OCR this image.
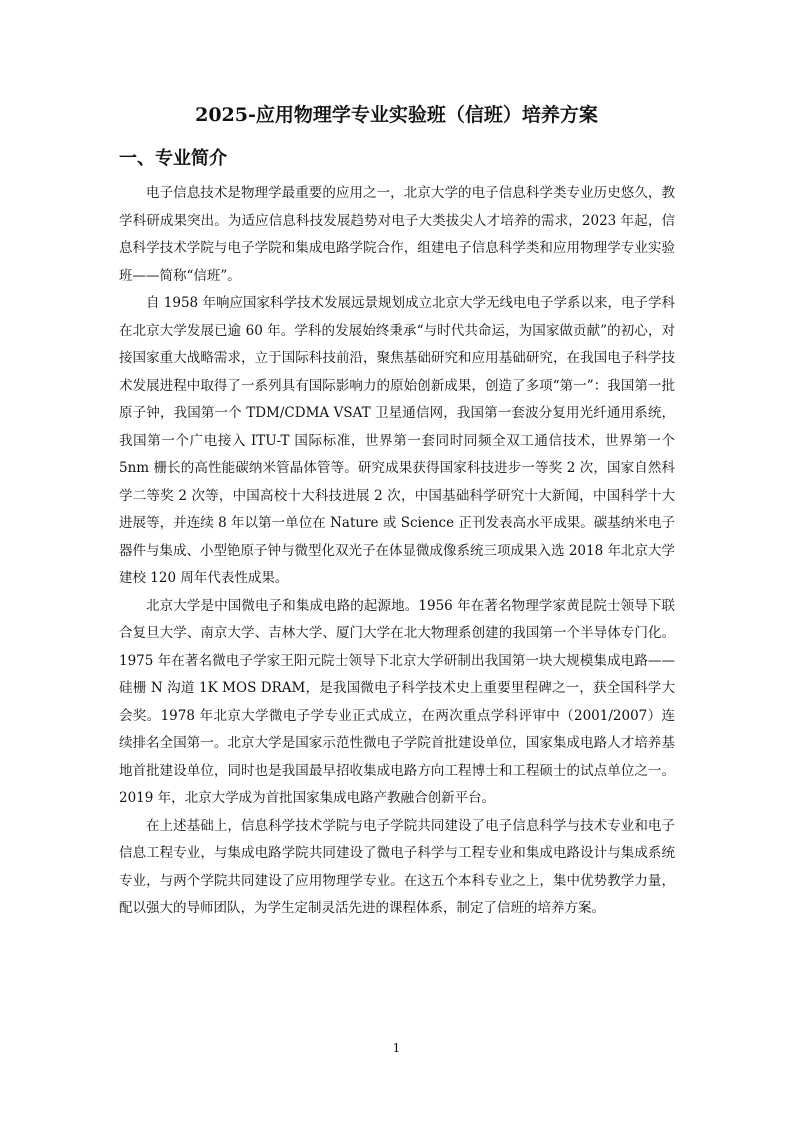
2025-应用物理学专业实验班（信班）培养方案
一、专业简介

电子信息技术是物理学最重要的应用之一，北京大学的电子信息科学类专业历史悠久，教学科研成果突出。为适应信息科技发展趋势对电子大类拔尖人才培养的需求，2023 年起，信息科学技术学院与电子学院和集成电路学院合作，组建电子信息科学类和应用物理学专业实验班——简称“信班”。

自 1958 年响应国家科学技术发展远景规划成立北京大学无线电电子学系以来，电子学科在北京大学发展已逾 60 年。学科的发展始终秉承“与时代共命运，为国家做贡献”的初心，对接国家重大战略需求，立于国际科技前沿，聚焦基础研究和应用基础研究，在我国电子科学技术发展进程中取得了一系列具有国际影响力的原始创新成果，创造了多项“第一”：我国第一批原子钟，我国第一个 TDM/CDMA VSAT 卫星通信网，我国第一套波分复用光纤通用系统，我国第一个广电接入 ITU-T 国际标准，世界第一套同时同频全双工通信技术，世界第一个 5nm 栅长的高性能碳纳米管晶体管等。研究成果获得国家科技进步一等奖 2 次，国家自然科学二等奖 2 次等，中国高校十大科技进展 2 次，中国基础科学研究十大新闻，中国科学十大进展等，并连续 8 年以第一单位在 Nature 或 Science 正刊发表高水平成果。碳基纳米电子器件与集成、小型铯原子钟与微型化双光子在体显微成像系统三项成果入选 2018 年北京大学建校 120 周年代表性成果。

北京大学是中国微电子和集成电路的起源地。1956 年在著名物理学家黄昆院士领导下联合复旦大学、南京大学、吉林大学、厦门大学在北大物理系创建的我国第一个半导体专门化。1975 年在著名微电子学家王阳元院士领导下北京大学研制出我国第一块大规模集成电路——硅栅 N 沟道 1K MOS DRAM，是我国微电子科学技术史上重要里程碑之一，获全国科学大会奖。1978 年北京大学微电子学专业正式成立，在两次重点学科评审中（2001/2007）连续排名全国第一。北京大学是国家示范性微电子学院首批建设单位，国家集成电路人才培养基地首批建设单位，同时也是我国最早招收集成电路方向工程博士和工程硕士的试点单位之一。2019 年，北京大学成为首批国家集成电路产教融合创新平台。

在上述基础上，信息科学技术学院与电子学院共同建设了电子信息科学与技术专业和电子信息工程专业，与集成电路学院共同建设了微电子科学与工程专业和集成电路设计与集成系统专业，与两个学院共同建设了应用物理学专业。在这五个本科专业之上，集中优势教学力量，配以强大的导师团队，为学生定制灵活先进的课程体系，制定了信班的培养方案。

1
